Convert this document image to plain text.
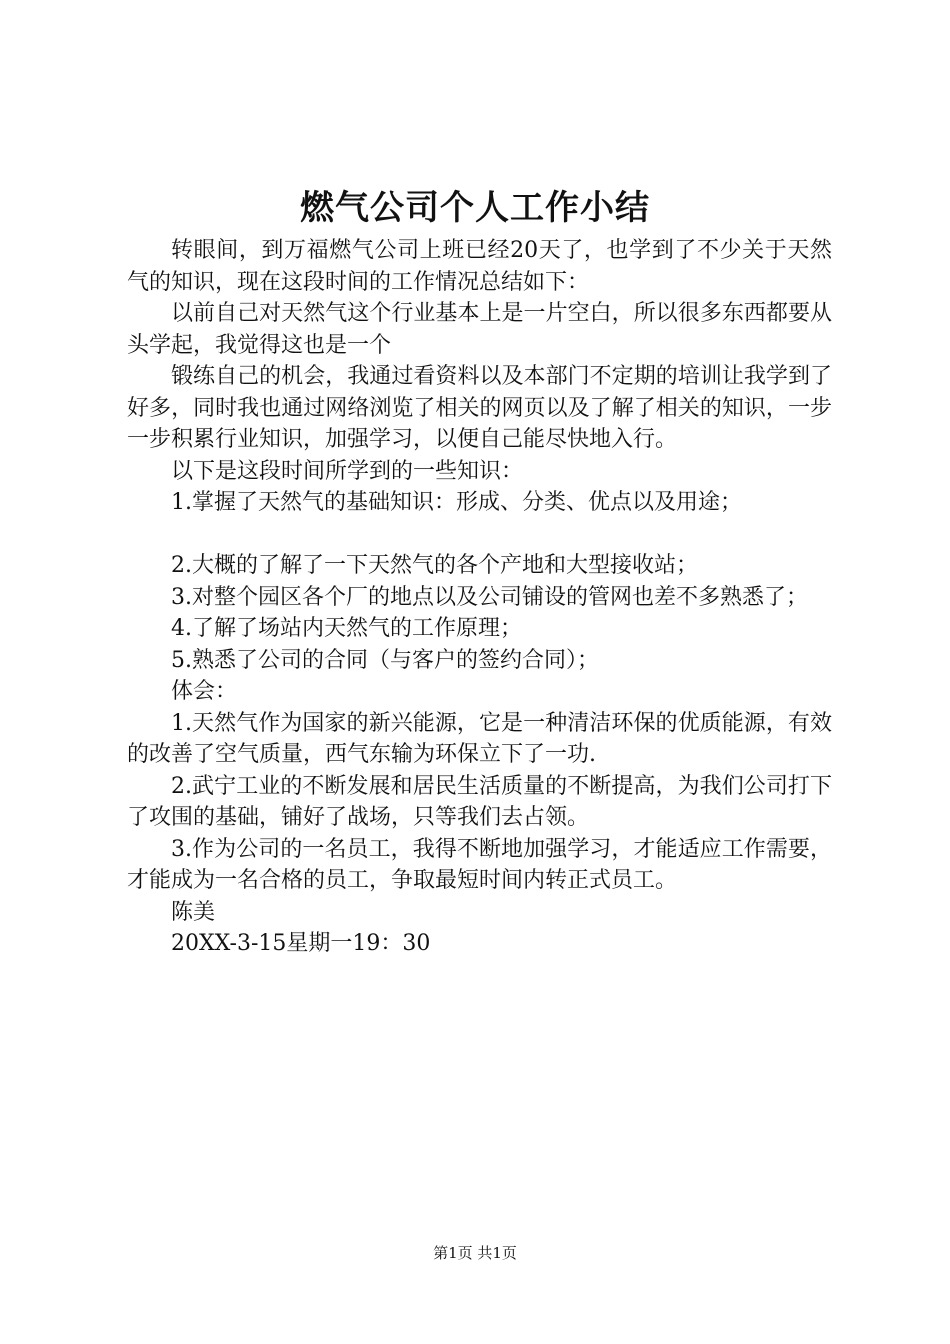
燃气公司个人工作小结

转眼间，到万福燃气公司上班已经20天了，也学到了不少关于天然气的知识，现在这段时间的工作情况总结如下：

以前自己对天然气这个行业基本上是一片空白，所以很多东西都要从头学起，我觉得这也是一个

锻练自己的机会，我通过看资料以及本部门不定期的培训让我学到了好多，同时我也通过网络浏览了相关的网页以及了解了相关的知识，一步一步积累行业知识，加强学习，以便自己能尽快地入行。

以下是这段时间所学到的一些知识：

1.掌握了天然气的基础知识：形成、分类、优点以及用途；

2.大概的了解了一下天然气的各个产地和大型接收站；

3.对整个园区各个厂的地点以及公司铺设的管网也差不多熟悉了；

4.了解了场站内天然气的工作原理；

5.熟悉了公司的合同（与客户的签约合同）；

体会：

1.天然气作为国家的新兴能源，它是一种清洁环保的优质能源，有效的改善了空气质量，西气东输为环保立下了一功.

2.武宁工业的不断发展和居民生活质量的不断提高，为我们公司打下了攻围的基础，铺好了战场，只等我们去占领。

3.作为公司的一名员工，我得不断地加强学习，才能适应工作需要，才能成为一名合格的员工，争取最短时间内转正式员工。

陈美

20XX-3-15星期一19：30

第1页 共1页
